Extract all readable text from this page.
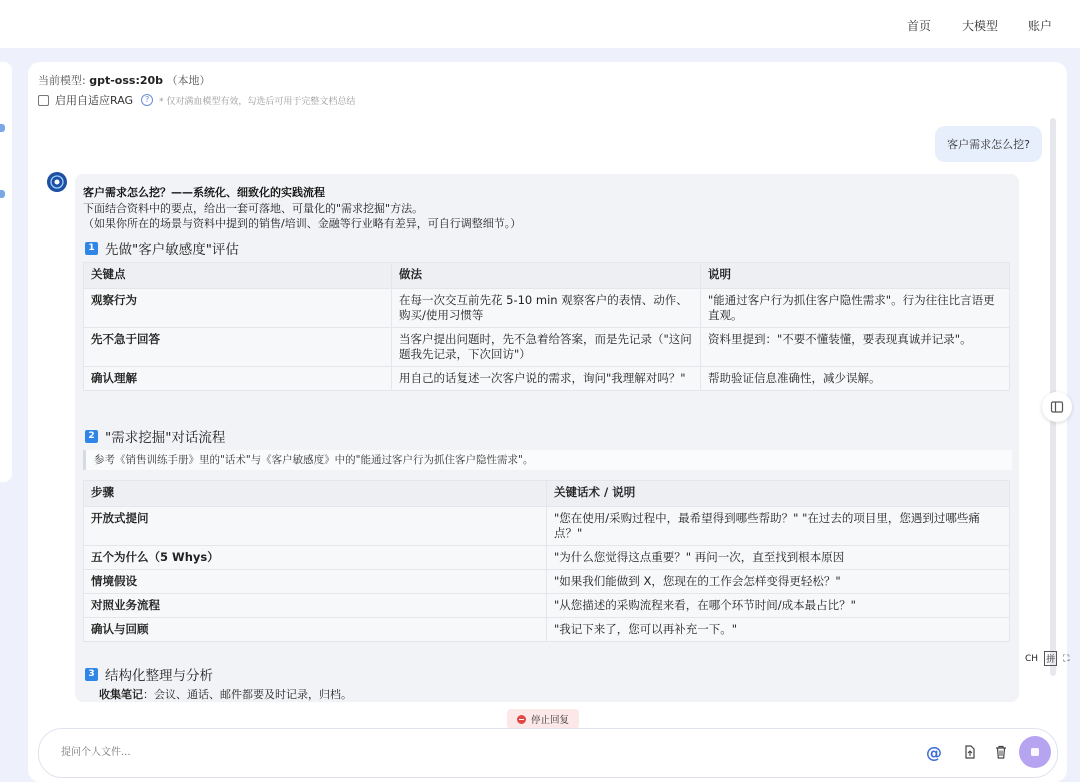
首页	大模型 账户
当前模型: gpt-oss:20b （本地）
启用自适应RAG	?	* 仅对满血模型有效，勾选后可用于完整文档总结
客户需求怎么挖?
客户需求怎么挖？——系统化、细致化的实践流程
下面结合资料中的要点，给出一套可落地、可量化的"需求挖掘"方法。
（如果你所在的场景与资料中提到的销售/培训、金融等行业略有差异，可自行调整细节。）
1 先做"客户敏感度"评估
关键点	做法	说明
观察行为	在每一次交互前先花 5-10 min 观察客户的表情、动作、购买/使用习惯等	"能通过客户行为抓住客户隐性需求"。行为往往比言语更直观。
先不急于回答	当客户提出问题时，先不急着给答案，而是先记录（"这问题我先记录，下次回访"）	资料里提到："不要不懂装懂，要表现真诚并记录"。
确认理解	用自己的话复述一次客户说的需求，询问"我理解对吗？"	帮助验证信息准确性，减少误解。
2 "需求挖掘"对话流程
参考《销售训练手册》里的"话术"与《客户敏感度》中的"能通过客户行为抓住客户隐性需求"。
步骤	关键话术 / 说明
开放式提问	"您在使用/采购过程中，最希望得到哪些帮助？" "在过去的项目里，您遇到过哪些痛点？"
五个为什么（5 Whys）	"为什么您觉得这点重要？" 再问一次，直至找到根本原因
情境假设	"如果我们能做到 X，您现在的工作会怎样变得更轻松？"
对照业务流程	"从您描述的采购流程来看，在哪个环节时间/成本最占比？"
确认与回顾	"我记下来了，您可以再补充一下。"
3 结构化整理与分析
收集笔记：会议、通话、邮件都要及时记录，归档。
CH 拼 ⛶
停止回复
提问个人文件...
@
